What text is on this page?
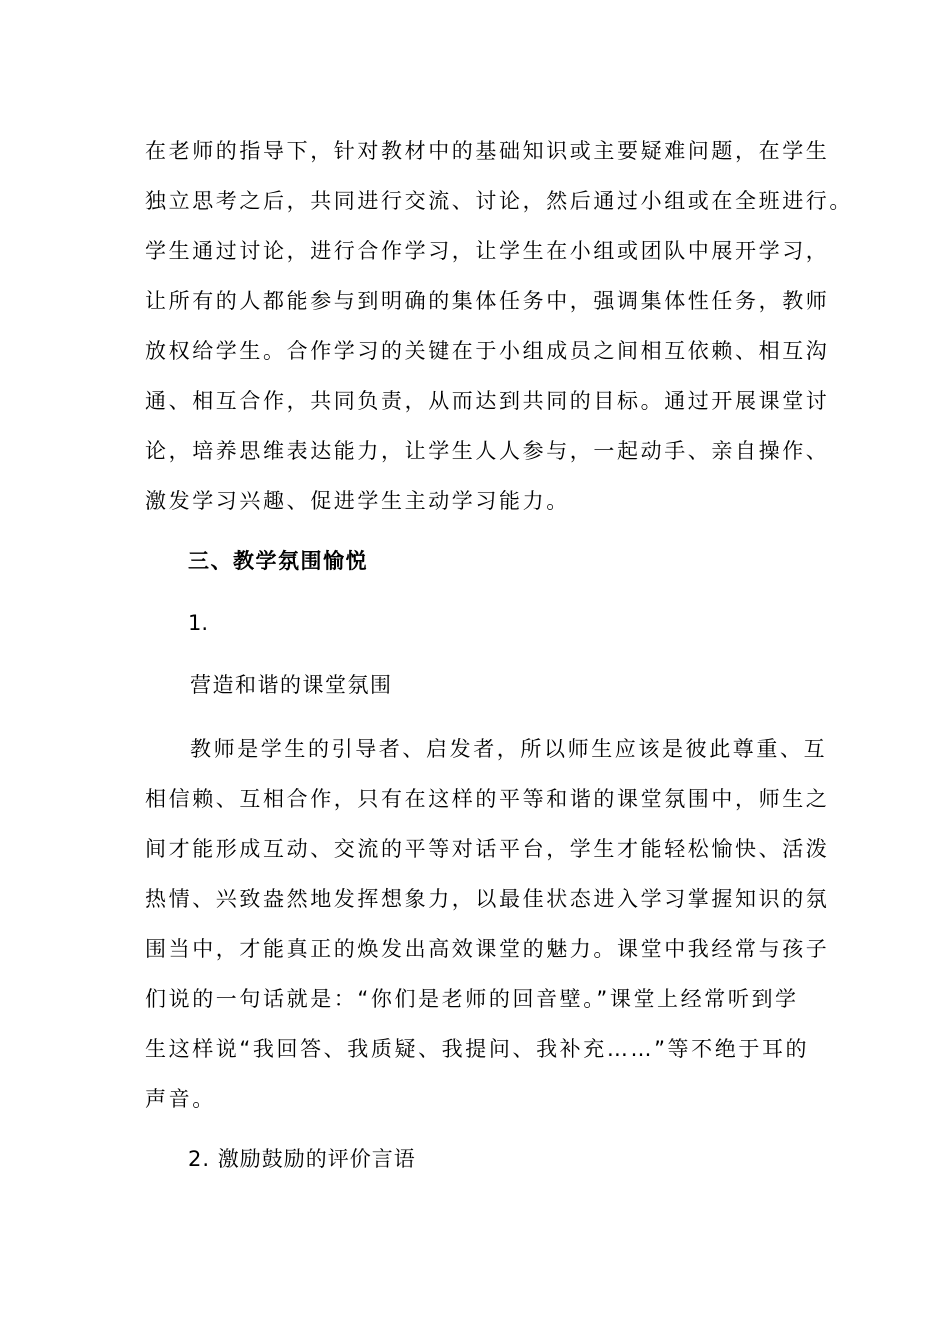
在老师的指导下，针对教材中的基础知识或主要疑难问题，在学生
独立思考之后，共同进行交流、讨论，然后通过小组或在全班进行。
学生通过讨论，进行合作学习，让学生在小组或团队中展开学习，
让所有的人都能参与到明确的集体任务中，强调集体性任务，教师
放权给学生。合作学习的关键在于小组成员之间相互依赖、相互沟
通、相互合作，共同负责，从而达到共同的目标。通过开展课堂讨
论，培养思维表达能力，让学生人人参与，一起动手、亲自操作、
激发学习兴趣、促进学生主动学习能力。
三、教学氛围愉悦
1.
营造和谐的课堂氛围
教师是学生的引导者、启发者，所以师生应该是彼此尊重、互
相信赖、互相合作，只有在这样的平等和谐的课堂氛围中，师生之
间才能形成互动、交流的平等对话平台，学生才能轻松愉快、活泼
热情、兴致盎然地发挥想象力，以最佳状态进入学习掌握知识的氛
围当中，才能真正的焕发出高效课堂的魅力。课堂中我经常与孩子
们说的一句话就是：“你们是老师的回音壁。”课堂上经常听到学
生这样说“我回答、我质疑、我提问、我补充……”等不绝于耳的
声音。
2. 激励鼓励的评价言语
